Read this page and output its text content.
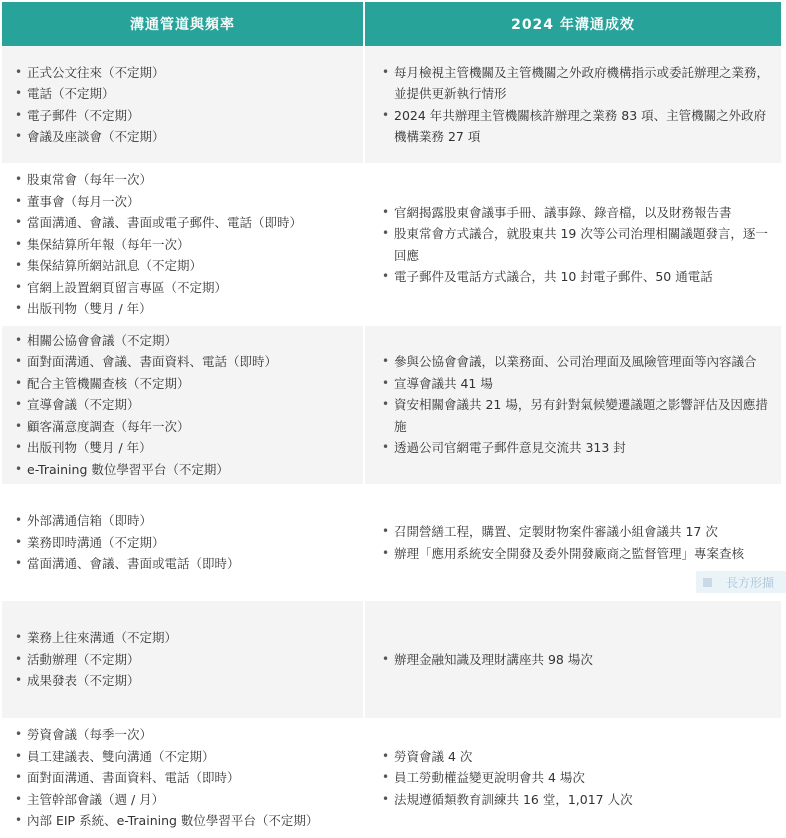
溝通管道與頻率	2024 年溝通成效
• 正式公文往來（不定期）
• 電話（不定期）
• 電子郵件（不定期）
• 會議及座談會（不定期）
• 每月檢視主管機關及主管機關之外政府機構指示或委託辦理之業務，並提供更新執行情形
• 2024 年共辦理主管機關核許辦理之業務 83 項、主管機關之外政府機構業務 27 項
• 股東常會（每年一次）
• 董事會（每月一次）
• 當面溝通、會議、書面或電子郵件、電話（即時）
• 集保結算所年報（每年一次）
• 集保結算所網站訊息（不定期）
• 官網上設置網頁留言專區（不定期）
• 出版刊物（雙月 / 年）
• 官網揭露股東會議事手冊、議事錄、錄音檔，以及財務報告書
• 股東常會方式議合，就股東共 19 次等公司治理相關議題發言，逐一回應
• 電子郵件及電話方式議合，共 10 封電子郵件、50 通電話
• 相關公協會會議（不定期）
• 面對面溝通、會議、書面資料、電話（即時）
• 配合主管機關查核（不定期）
• 宣導會議（不定期）
• 顧客滿意度調查（每年一次）
• 出版刊物（雙月 / 年）
• e-Training 數位學習平台（不定期）
• 參與公協會會議，以業務面、公司治理面及風險管理面等內容議合
• 宣導會議共 41 場
• 資安相關會議共 21 場，另有針對氣候變遷議題之影響評估及因應措施
• 透過公司官網電子郵件意見交流共 313 封
• 外部溝通信箱（即時）
• 業務即時溝通（不定期）
• 當面溝通、會議、書面或電話（即時）
• 召開營繕工程，購置、定製財物案件審議小組會議共 17 次
• 辦理「應用系統安全開發及委外開發廠商之監督管理」專案查核
• 業務上往來溝通（不定期）
• 活動辦理（不定期）
• 成果發表（不定期）
• 辦理金融知識及理財講座共 98 場次
• 勞資會議（每季一次）
• 員工建議表、雙向溝通（不定期）
• 面對面溝通、書面資料、電話（即時）
• 主管幹部會議（週 / 月）
• 內部 EIP 系統、e-Training 數位學習平台（不定期）
• 勞資會議 4 次
• 員工勞動權益變更說明會共 4 場次
• 法規遵循類教育訓練共 16 堂，1,017 人次
長方形擷
